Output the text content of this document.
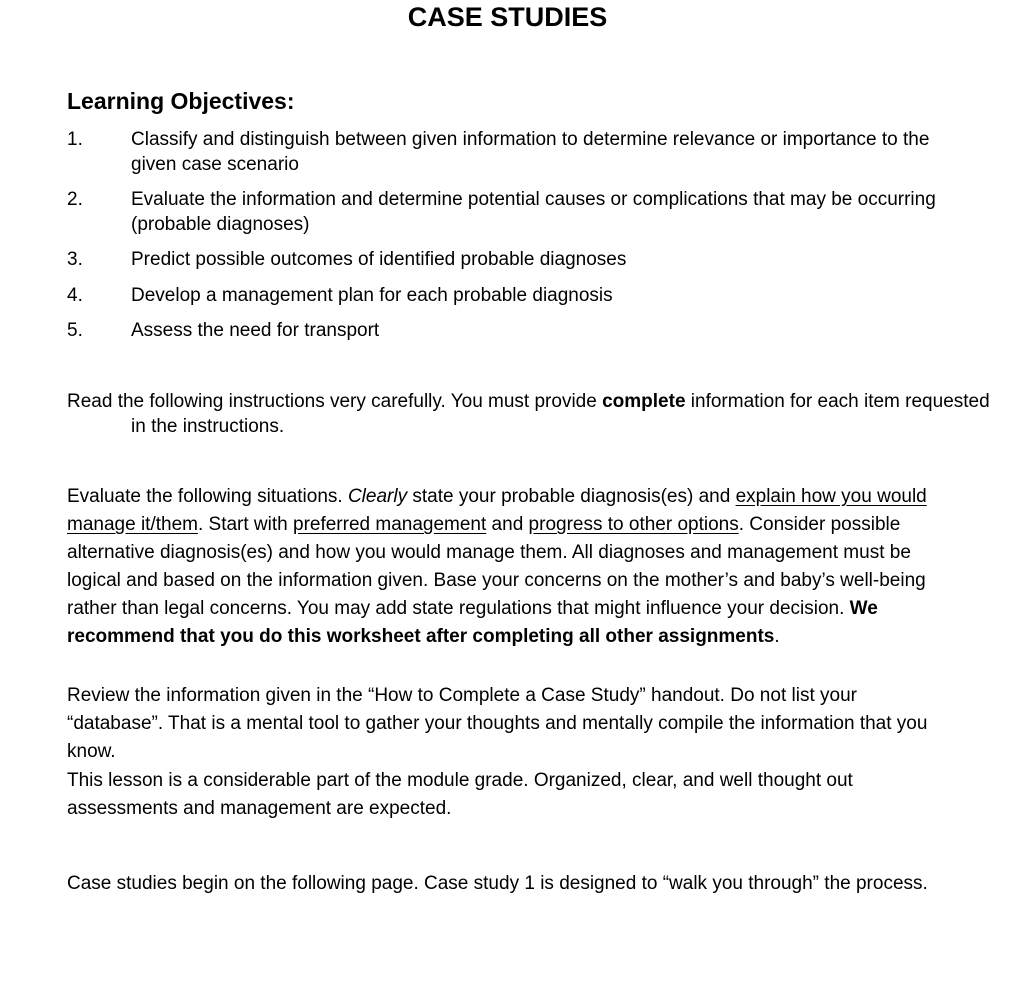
CASE STUDIES
Learning Objectives:
1.	Classify and distinguish between given information to determine relevance or importance to the given case scenario
2.	Evaluate the information and determine potential causes or complications that may be occurring (probable diagnoses)
3.	Predict possible outcomes of identified probable diagnoses
4.	Develop a management plan for each probable diagnosis
5.	Assess the need for transport
Read the following instructions very carefully. You must provide complete information for each item requested in the instructions.
Evaluate the following situations. Clearly state your probable diagnosis(es) and explain how you would manage it/them. Start with preferred management and progress to other options. Consider possible alternative diagnosis(es) and how you would manage them. All diagnoses and management must be logical and based on the information given. Base your concerns on the mother’s and baby’s well-being rather than legal concerns. You may add state regulations that might influence your decision. We recommend that you do this worksheet after completing all other assignments.
Review the information given in the “How to Complete a Case Study” handout. Do not list your “database”. That is a mental tool to gather your thoughts and mentally compile the information that you know.
This lesson is a considerable part of the module grade. Organized, clear, and well thought out assessments and management are expected.
Case studies begin on the following page. Case study 1 is designed to “walk you through” the process.
